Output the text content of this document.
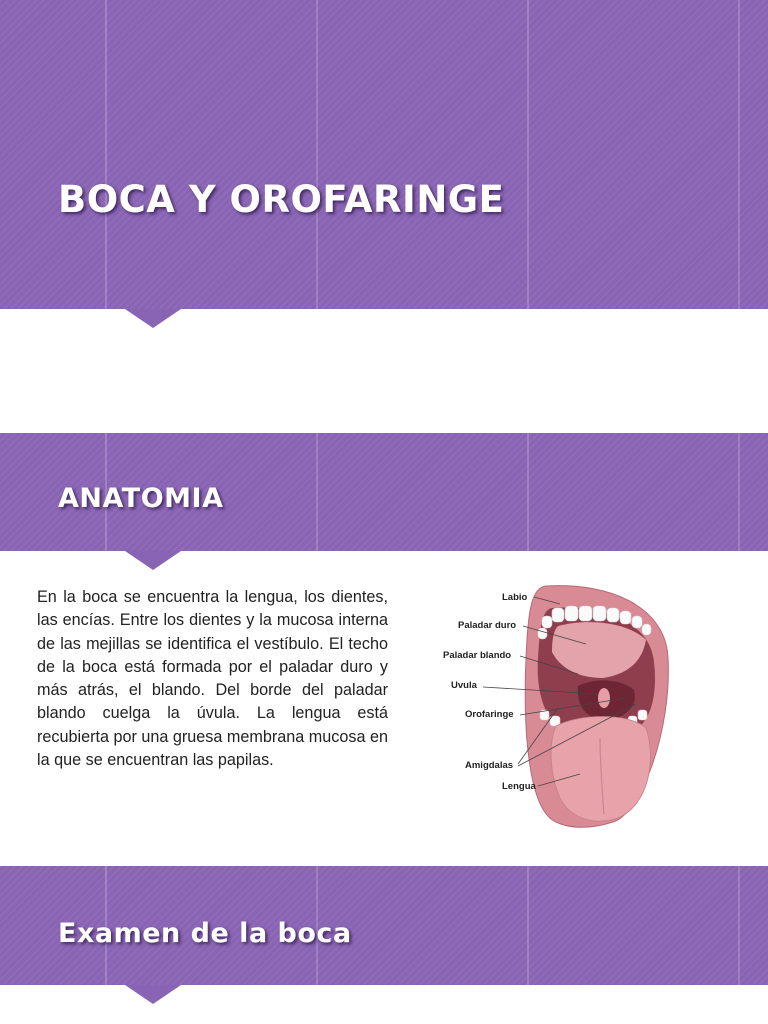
BOCA Y OROFARINGE
ANATOMIA

En la boca se encuentra la lengua, los dientes, las encías. Entre los dientes y la mucosa interna de las mejillas se identifica el vestíbulo. El techo de la boca está formada por el paladar duro y más atrás, el blando. Del borde del paladar blando cuelga la úvula. La lengua está recubierta por una gruesa membrana mucosa en la que se encuentran las papilas.

Labio
Paladar duro
Paladar blando
Uvula
Orofaringe
Amigdalas
Lengua
Examen de la boca
